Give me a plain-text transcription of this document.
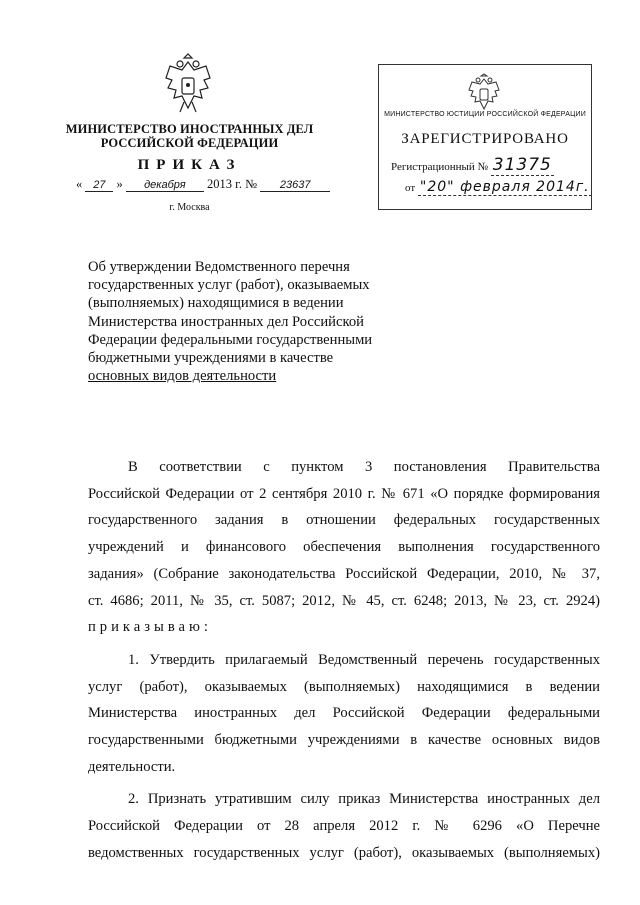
МИНИСТЕРСТВО ИНОСТРАННЫХ ДЕЛ
РОССИЙСКОЙ ФЕДЕРАЦИИ
ПРИКАЗ
« 27 » декабря 2013 г. № 23637
г. Москва
МИНИСТЕРСТВО ЮСТИЦИИ РОССИЙСКОЙ ФЕДЕРАЦИИ
ЗАРЕГИСТРИРОВАНО
Регистрационный № 31375
от "20" февраля 2014г.

Об утверждении Ведомственного перечня

государственных услуг (работ), оказываемых

(выполняемых) находящимися в ведении

Министерства иностранных дел Российской

Федерации федеральными государственными

бюджетными учреждениями в качестве

основных видов деятельности

В соответствии с пунктом 3 постановления Правительства

Российской Федерации от 2 сентября 2010 г. № 671 «О порядке формирования

государственного задания в отношении федеральных государственных

учреждений и финансового обеспечения выполнения государственного

задания» (Собрание законодательства Российской Федерации, 2010, № 37,

ст. 4686; 2011, № 35, ст. 5087; 2012, № 45, ст. 6248; 2013, № 23, ст. 2924)

приказываю:

1. Утвердить прилагаемый Ведомственный перечень государственных

услуг (работ), оказываемых (выполняемых) находящимися в ведении

Министерства иностранных дел Российской Федерации федеральными

государственными бюджетными учреждениями в качестве основных видов

деятельности.

2. Признать утратившим силу приказ Министерства иностранных дел

Российской Федерации от 28 апреля 2012 г. № 6296 «О Перечне

ведомственных государственных услуг (работ), оказываемых (выполняемых)
